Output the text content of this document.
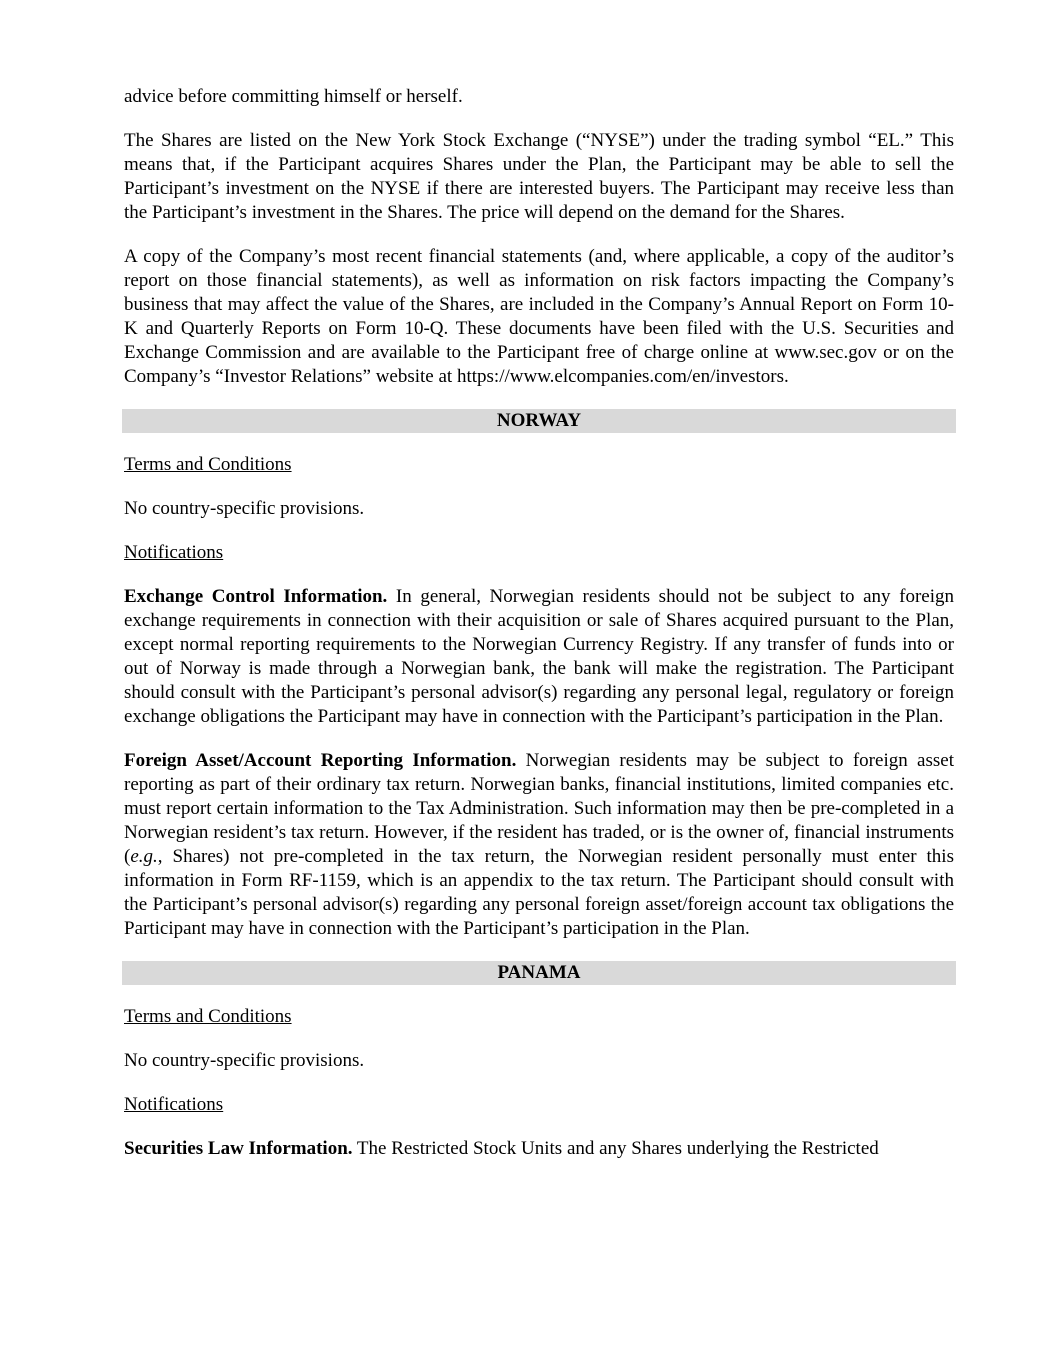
advice before committing himself or herself.

The Shares are listed on the New York Stock Exchange (“NYSE”) under the trading symbol “EL.” This means that, if the Participant acquires Shares under the Plan, the Participant may be able to sell the Participant’s investment on the NYSE if there are interested buyers. The Participant may receive less than the Participant’s investment in the Shares. The price will depend on the demand for the Shares.

A copy of the Company’s most recent financial statements (and, where applicable, a copy of the auditor’s report on those financial statements), as well as information on risk factors impacting the Company’s business that may affect the value of the Shares, are included in the Company’s Annual Report on Form 10-K and Quarterly Reports on Form 10-Q. These documents have been filed with the U.S. Securities and Exchange Commission and are available to the Participant free of charge online at www.sec.gov or on the Company’s “Investor Relations” website at https://www.elcompanies.com/en/investors.

NORWAY

Terms and Conditions

No country-specific provisions.

Notifications

Exchange Control Information. In general, Norwegian residents should not be subject to any foreign exchange requirements in connection with their acquisition or sale of Shares acquired pursuant to the Plan, except normal reporting requirements to the Norwegian Currency Registry. If any transfer of funds into or out of Norway is made through a Norwegian bank, the bank will make the registration. The Participant should consult with the Participant’s personal advisor(s) regarding any personal legal, regulatory or foreign exchange obligations the Participant may have in connection with the Participant’s participation in the Plan.

Foreign Asset/Account Reporting Information. Norwegian residents may be subject to foreign asset reporting as part of their ordinary tax return. Norwegian banks, financial institutions, limited companies etc. must report certain information to the Tax Administration. Such information may then be pre-completed in a Norwegian resident’s tax return. However, if the resident has traded, or is the owner of, financial instruments (e.g., Shares) not pre-completed in the tax return, the Norwegian resident personally must enter this information in Form RF-1159, which is an appendix to the tax return. The Participant should consult with the Participant’s personal advisor(s) regarding any personal foreign asset/foreign account tax obligations the Participant may have in connection with the Participant’s participation in the Plan.

PANAMA

Terms and Conditions

No country-specific provisions.

Notifications

Securities Law Information. The Restricted Stock Units and any Shares underlying the Restricted
